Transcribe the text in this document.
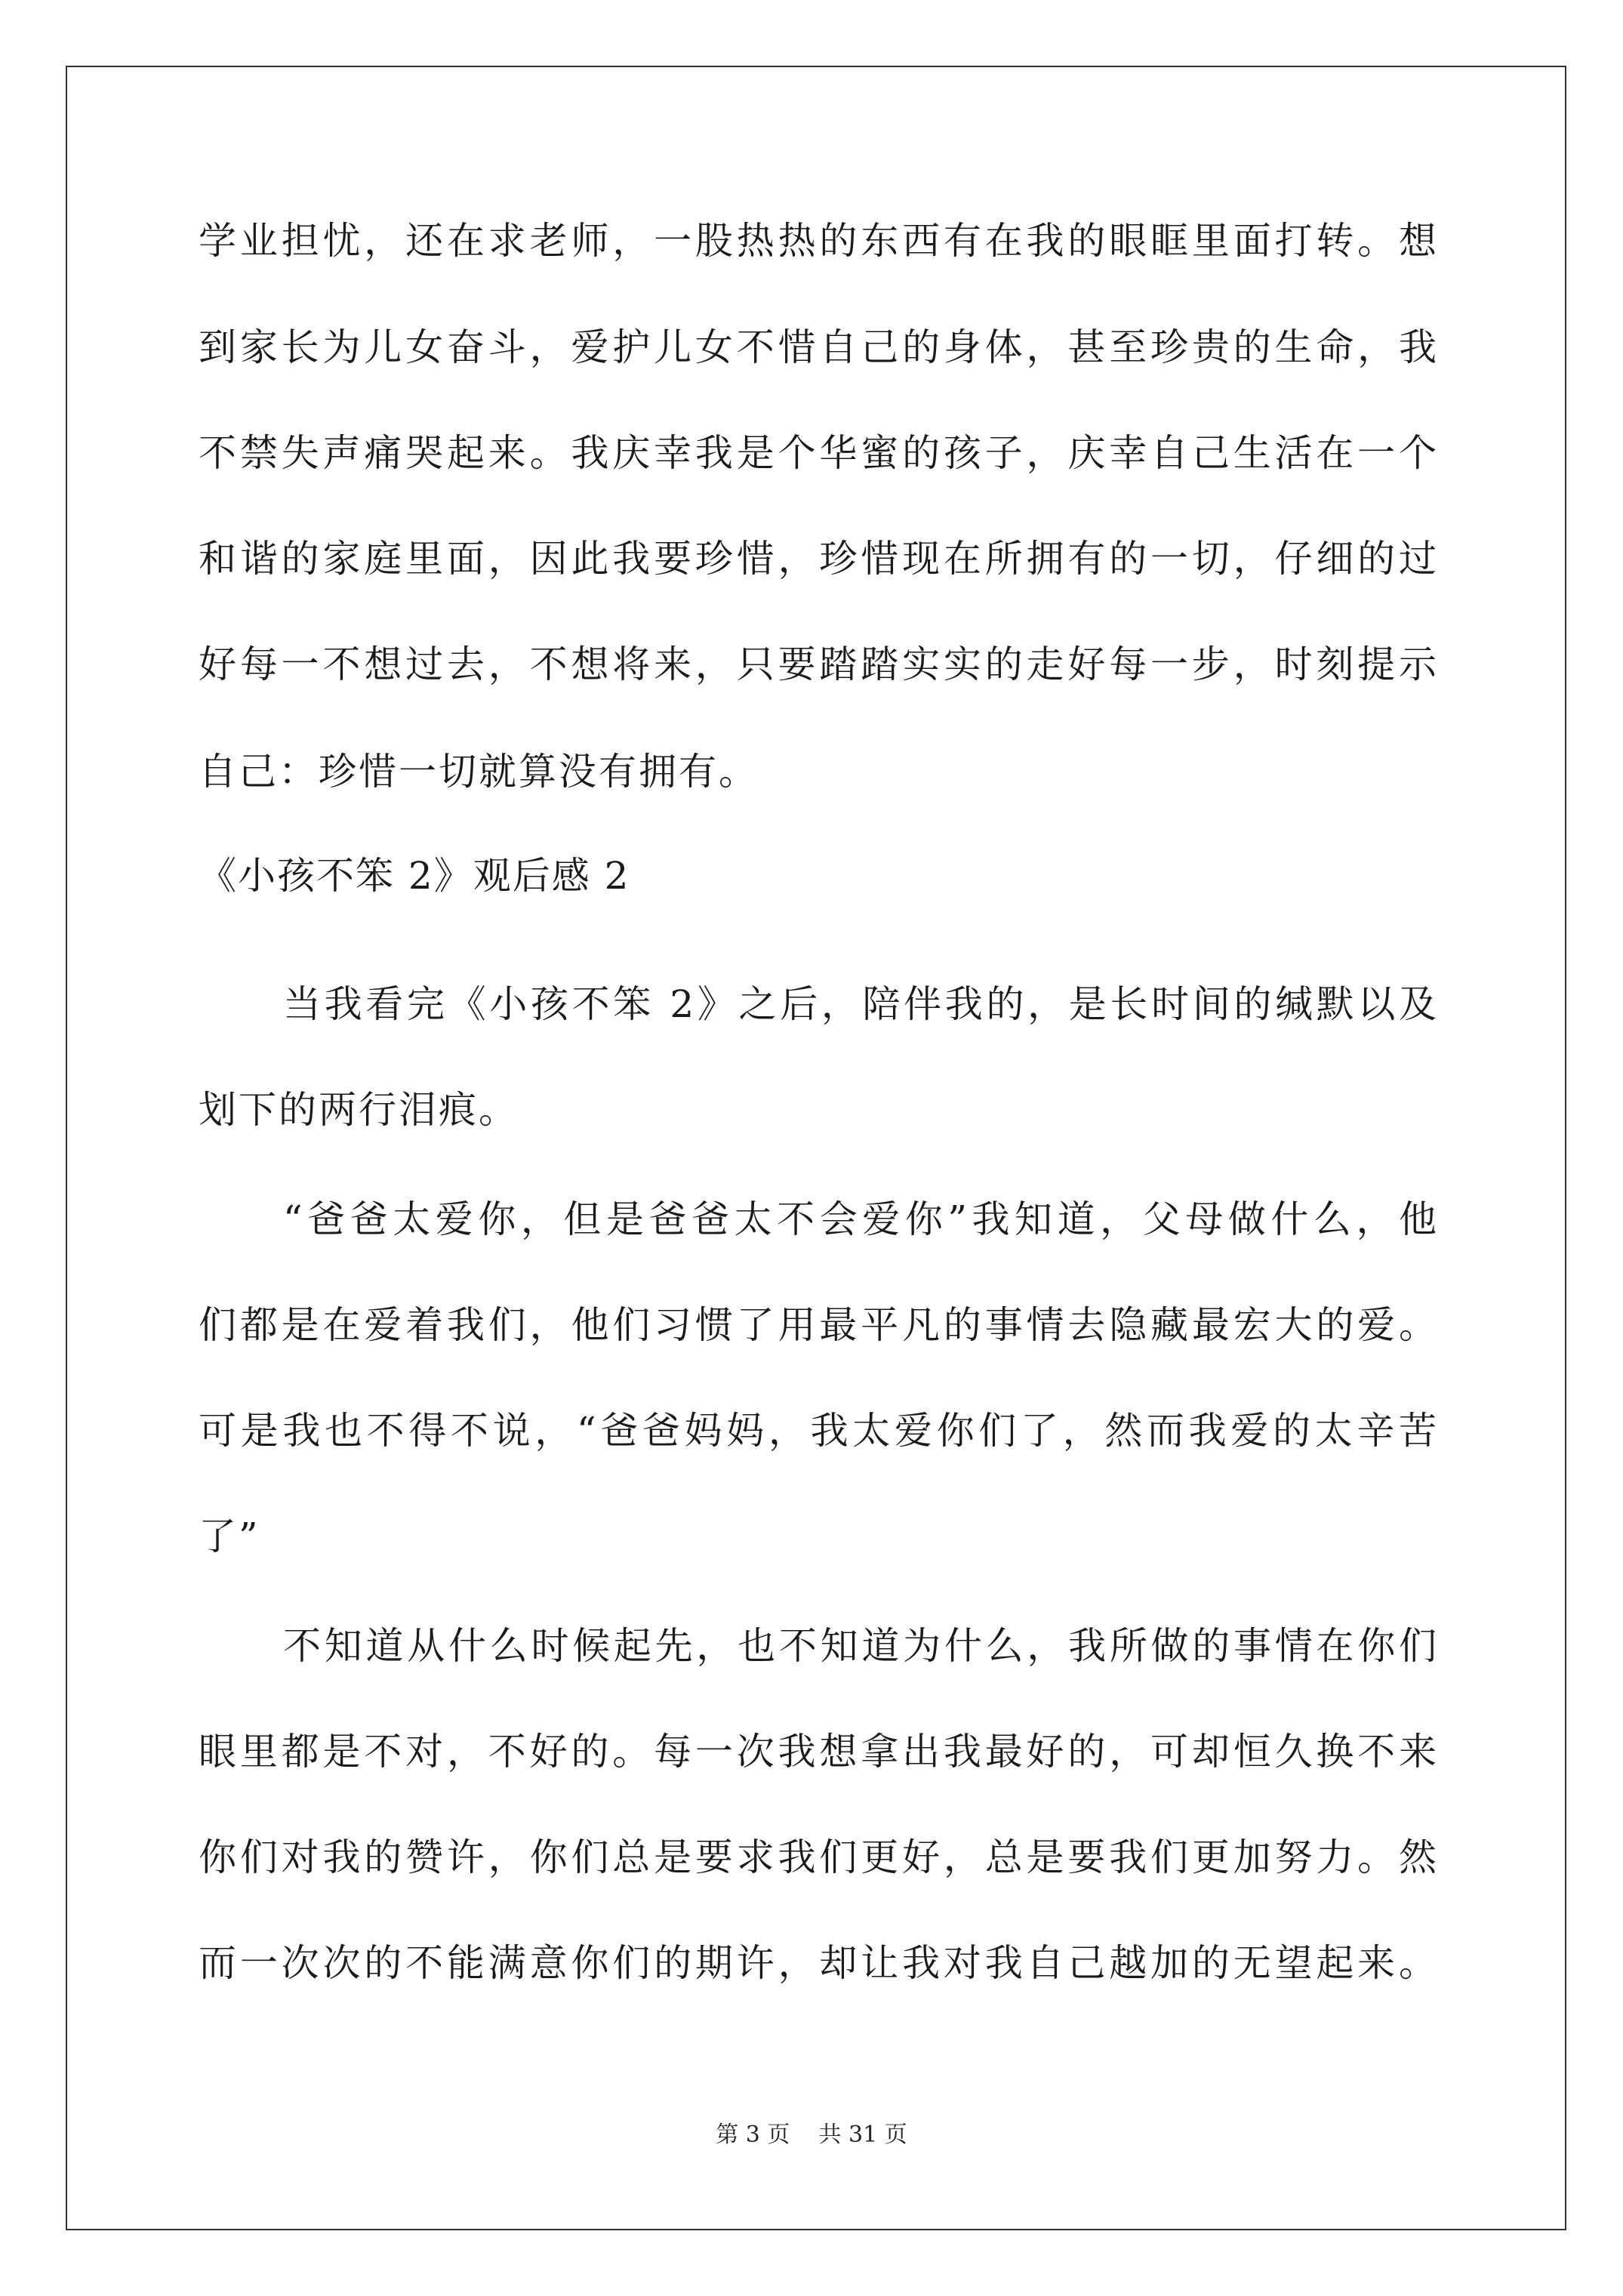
学业担忧，还在求老师，一股热热的东西有在我的眼眶里面打转。想
到家长为儿女奋斗，爱护儿女不惜自己的身体，甚至珍贵的生命，我
不禁失声痛哭起来。我庆幸我是个华蜜的孩子，庆幸自己生活在一个
和谐的家庭里面，因此我要珍惜，珍惜现在所拥有的一切，仔细的过
好每一不想过去，不想将来，只要踏踏实实的走好每一步，时刻提示
自己：珍惜一切就算没有拥有。
《小孩不笨 2》观后感 2
当我看完《小孩不笨 2》之后，陪伴我的，是长时间的缄默以及
划下的两行泪痕。
“爸爸太爱你，但是爸爸太不会爱你”我知道，父母做什么，他
们都是在爱着我们，他们习惯了用最平凡的事情去隐藏最宏大的爱。
可是我也不得不说，“爸爸妈妈，我太爱你们了，然而我爱的太辛苦
了”
不知道从什么时候起先，也不知道为什么，我所做的事情在你们
眼里都是不对，不好的。每一次我想拿出我最好的，可却恒久换不来
你们对我的赞许，你们总是要求我们更好，总是要我们更加努力。然
而一次次的不能满意你们的期许，却让我对我自己越加的无望起来。
第 3 页    共 31 页
